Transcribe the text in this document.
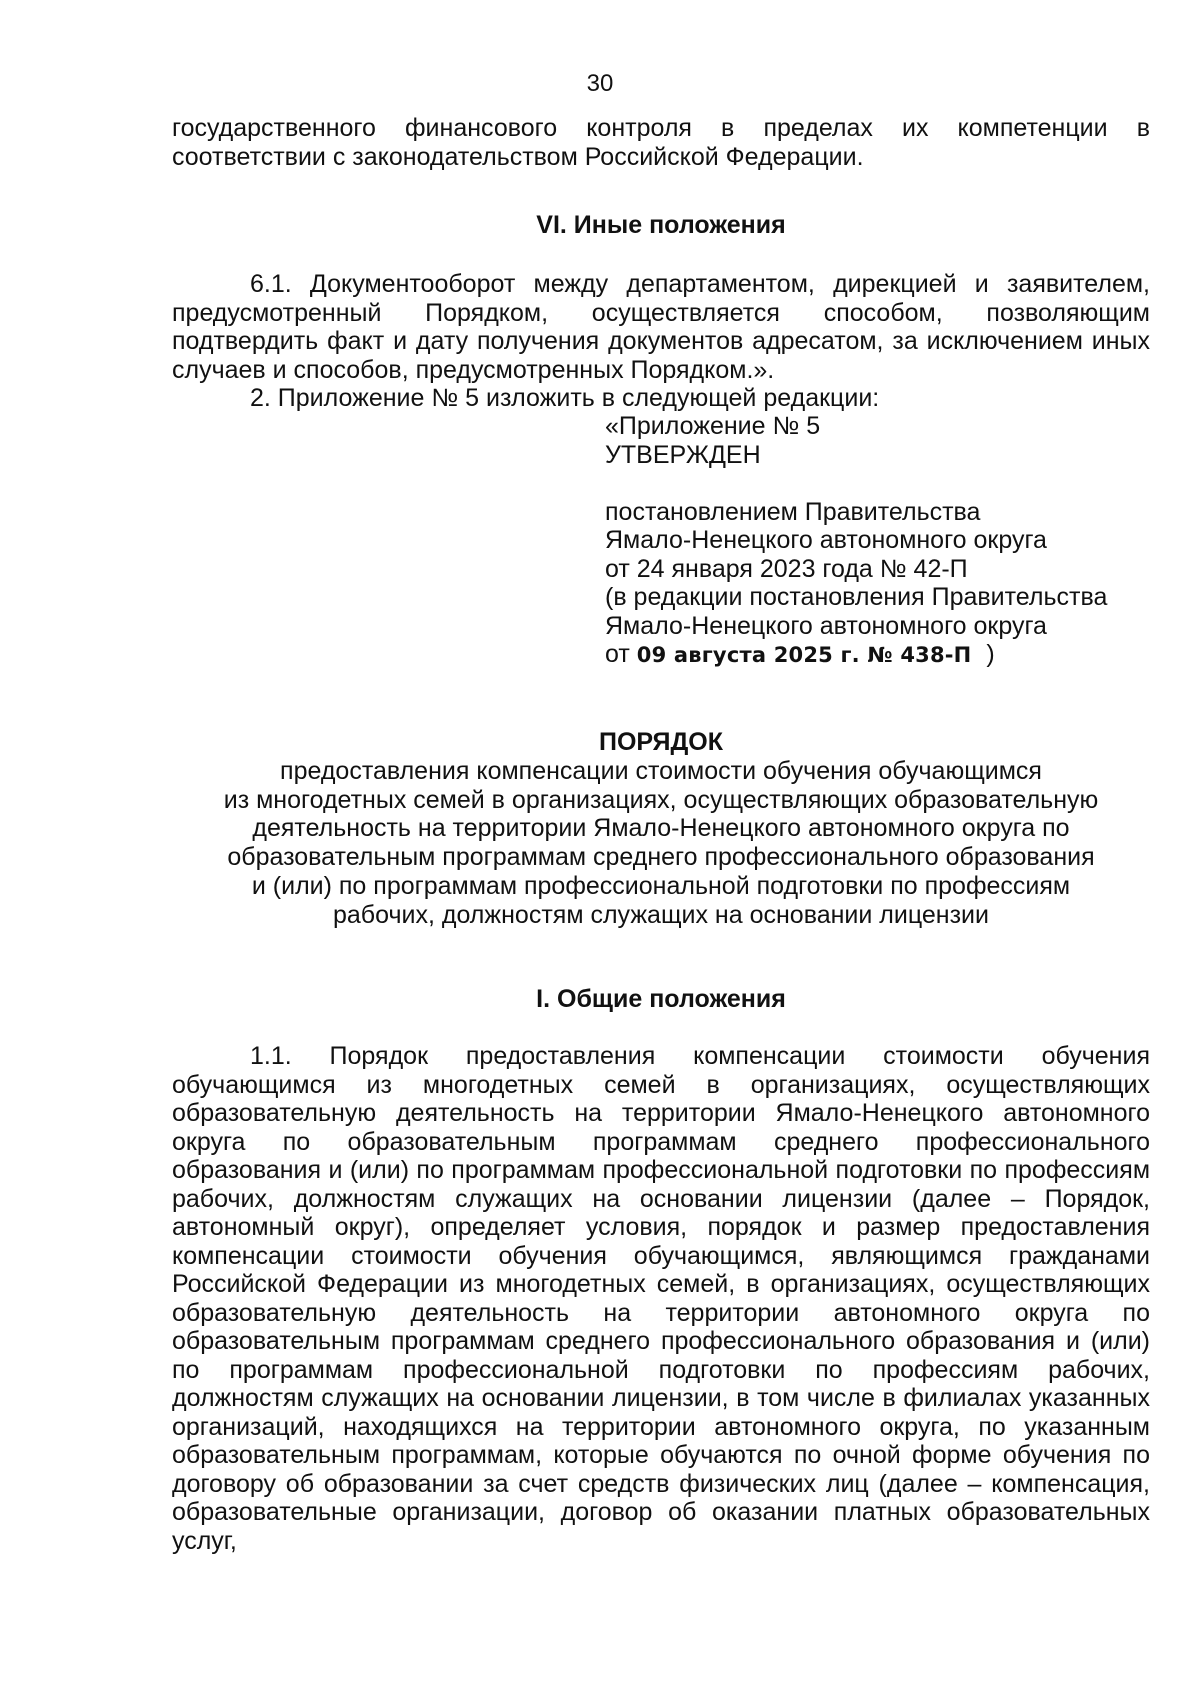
30

государственного финансового контроля в пределах их компетенции в соответствии с законодательством Российской Федерации.

VI. Иные положения

6.1. Документооборот между департаментом, дирекцией и заявителем, предусмотренный Порядком, осуществляется способом, позволяющим подтвердить факт и дату получения документов адресатом, за исключением иных случаев и способов, предусмотренных Порядком.».

2. Приложение № 5 изложить в следующей редакции:

«Приложение № 5

УТВЕРЖДЕН

постановлением Правительства

Ямало-Ненецкого автономного округа

от 24 января 2023 года № 42-П

(в редакции постановления Правительства

Ямало-Ненецкого автономного округа

от 09 августа 2025 г. № 438-П )

ПОРЯДОК

предоставления компенсации стоимости обучения обучающимся

из многодетных семей в организациях, осуществляющих образовательную

деятельность на территории Ямало-Ненецкого автономного округа по

образовательным программам среднего профессионального образования

и (или) по программам профессиональной подготовки по профессиям

рабочих, должностям служащих на основании лицензии

I. Общие положения

1.1. Порядок предоставления компенсации стоимости обучения обучающимся из многодетных семей в организациях, осуществляющих образовательную деятельность на территории Ямало-Ненецкого автономного округа по образовательным программам среднего профессионального образования и (или) по программам профессиональной подготовки по профессиям рабочих, должностям служащих на основании лицензии (далее – Порядок, автономный округ), определяет условия, порядок и размер предоставления компенсации стоимости обучения обучающимся, являющимся гражданами Российской Федерации из многодетных семей, в организациях, осуществляющих образовательную деятельность на территории автономного округа по образовательным программам среднего профессионального образования и (или) по программам профессиональной подготовки по профессиям рабочих, должностям служащих на основании лицензии, в том числе в филиалах указанных организаций, находящихся на территории автономного округа, по указанным образовательным программам, которые обучаются по очной форме обучения по договору об образовании за счет средств физических лиц (далее – компенсация, образовательные организации, договор об оказании платных образовательных услуг,
